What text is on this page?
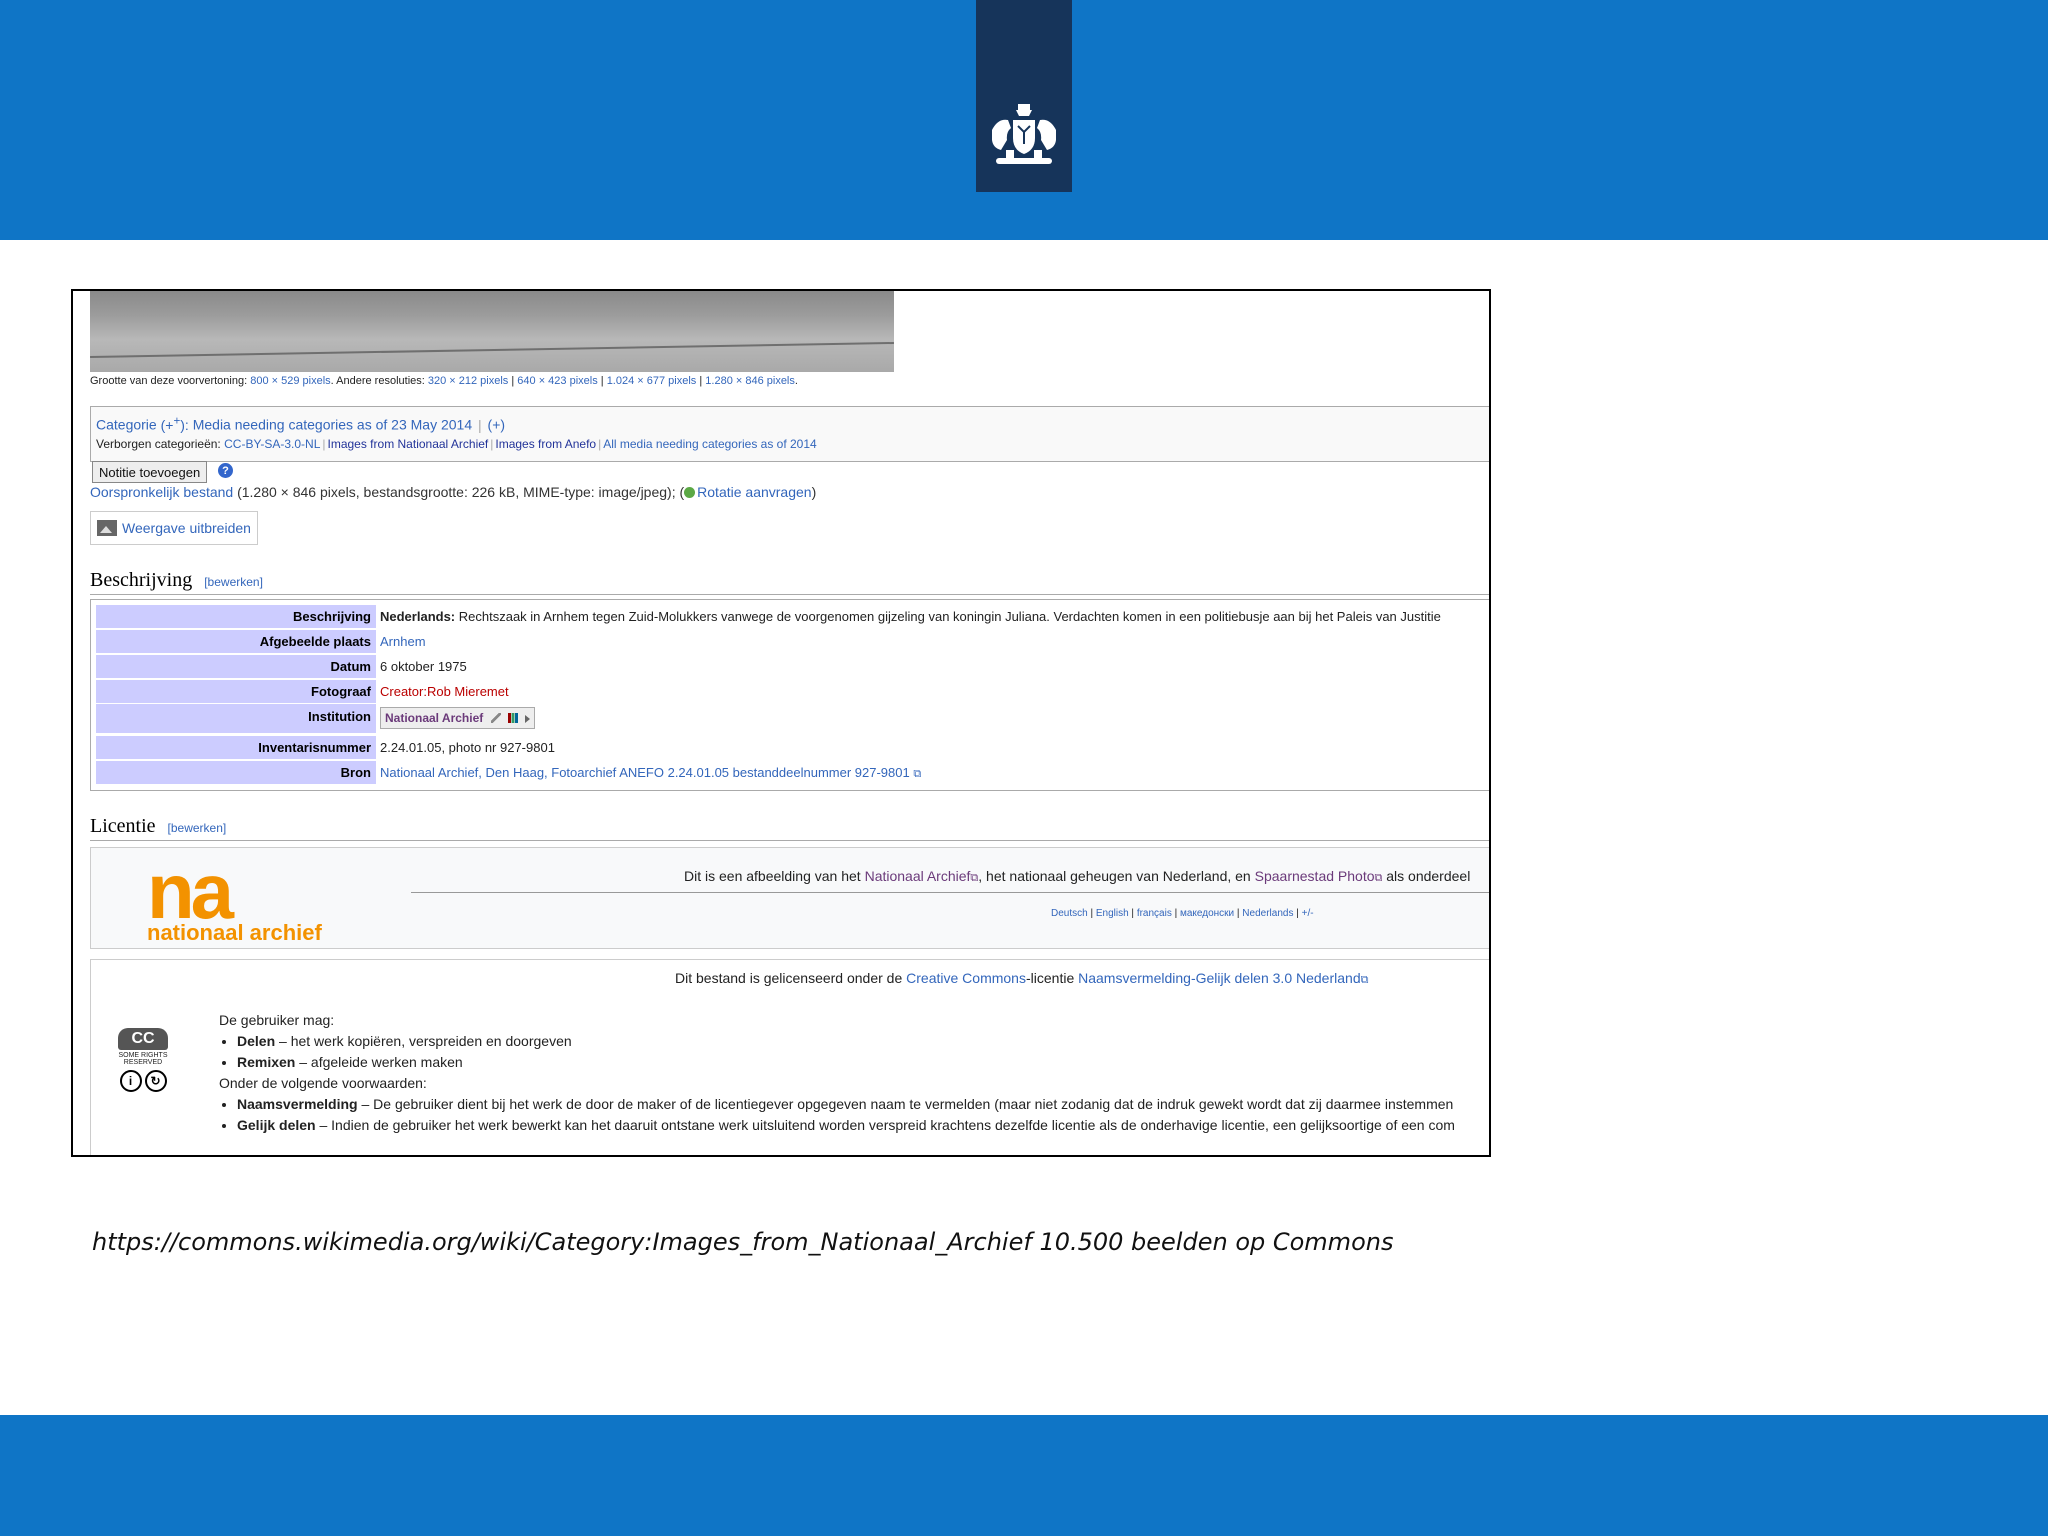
Grootte van deze voorvertoning: 800 × 529 pixels. Andere resoluties: 320 × 212 pixels | 640 × 423 pixels | 1.024 × 677 pixels | 1.280 × 846 pixels.
Categorie (++): Media needing categories as of 23 May 2014 | (+)
Verborgen categorieën: CC-BY-SA-3.0-NL | Images from Nationaal Archief | Images from Anefo | All media needing categories as of 2014
Notitie toevoegen	?
Oorspronkelijk bestand (1.280 × 846 pixels, bestandsgrootte: 226 kB, MIME-type: image/jpeg); ( Rotatie aanvragen)
Weergave uitbreiden
Beschrijving [bewerken]
Beschrijving Nederlands: Rechtszaak in Arnhem tegen Zuid-Molukkers vanwege de voorgenomen gijzeling van koningin Juliana. Verdachten komen in een politiebusje aan bij het Paleis van Justitie
Afgebeelde plaats Arnhem
Datum 6 oktober 1975
Fotograaf Creator:Rob Mieremet
Institution	Nationaal Archief
Inventarisnummer 2.24.01.05, photo nr 927-9801
Bron Nationaal Archief, Den Haag, Fotoarchief ANEFO 2.24.01.05 bestanddeelnummer 927-9801 ⧉
Licentie [bewerken]
na
nationaal archief
Dit is een afbeelding van het Nationaal Archief⧉, het nationaal geheugen van Nederland, en Spaarnestad Photo⧉ als onderdeel
Deutsch | English | français | македонски | Nederlands | +/-
Dit bestand is gelicenseerd onder de Creative Commons-licentie Naamsvermelding-Gelijk delen 3.0 Nederland⧉
CC
SOME RIGHTS RESERVED
i	↻
De gebruiker mag:
• Delen – het werk kopiëren, verspreiden en doorgeven
• Remixen – afgeleide werken maken
Onder de volgende voorwaarden:
• Naamsvermelding – De gebruiker dient bij het werk de door de maker of de licentiegever opgegeven naam te vermelden (maar niet zodanig dat de indruk gewekt wordt dat zij daarmee instemmen
• Gelijk delen – Indien de gebruiker het werk bewerkt kan het daaruit ontstane werk uitsluitend worden verspreid krachtens dezelfde licentie als de onderhavige licentie, een gelijksoortige of een com
https://commons.wikimedia.org/wiki/Category:Images_from_Nationaal_Archief 10.500 beelden op Commons
